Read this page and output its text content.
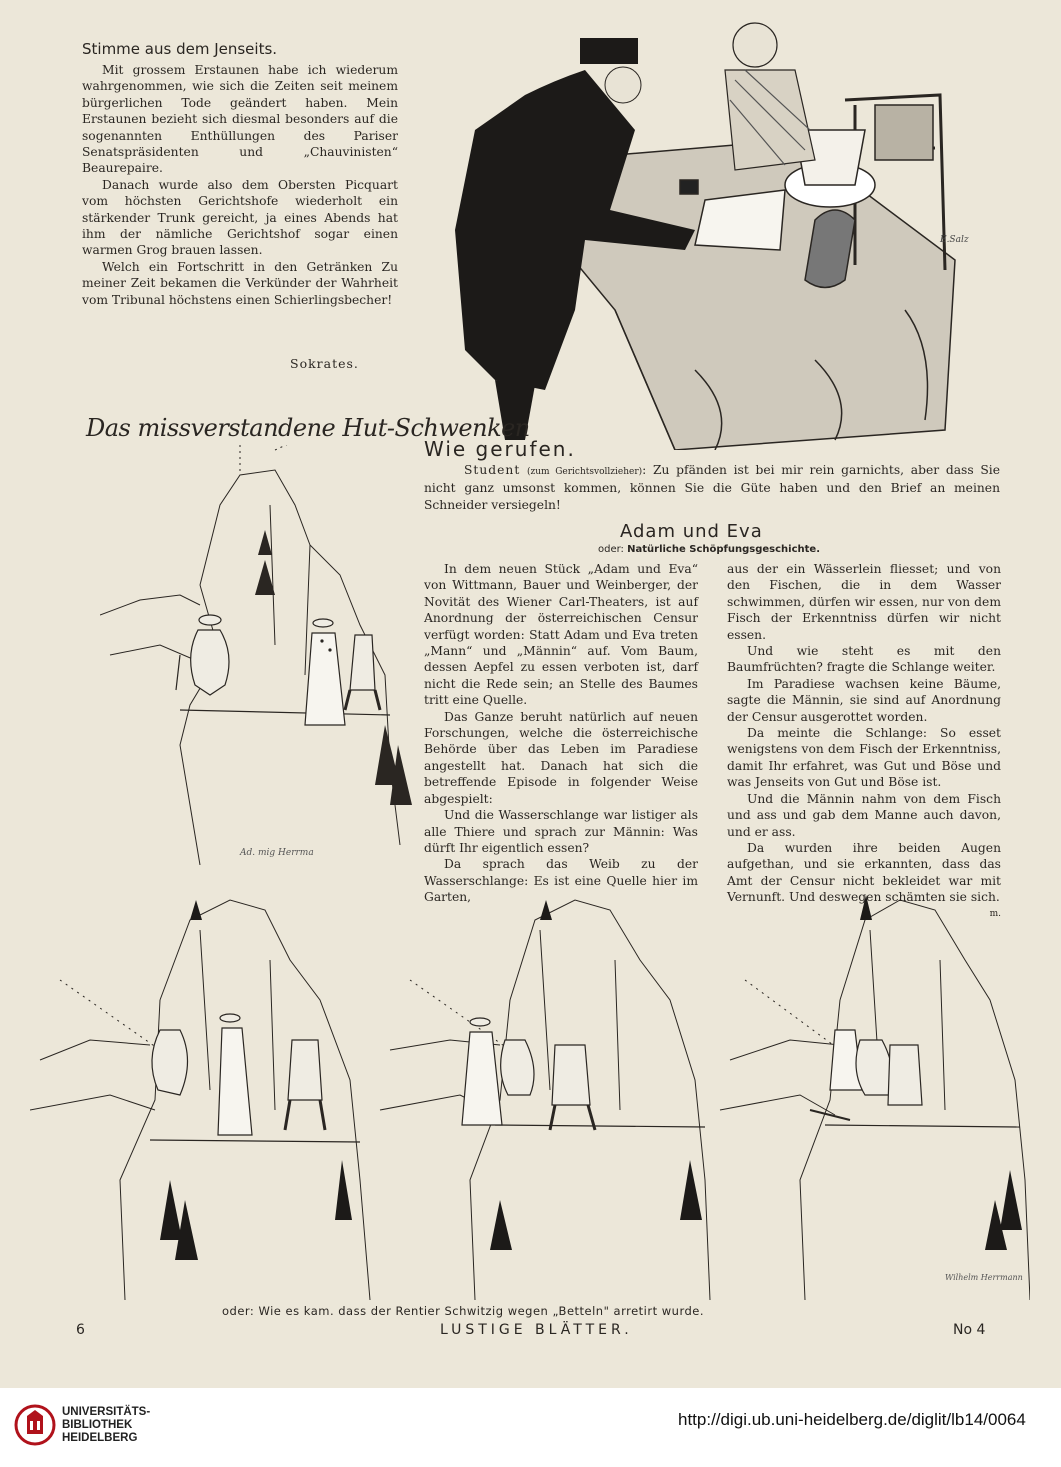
E.Salz
Ad. mig Herrma
Wilhelm Herrmann
Stimme aus dem Jenseits.

Mit grossem Erstaunen habe ich wiederum wahrgenommen, wie sich die Zeiten seit meinem bürgerlichen Tode geändert haben. Mein Erstaunen bezieht sich diesmal besonders auf die sogenannten Enthüllungen des Pariser Senatspräsidenten und „Chauvinisten“ Beaurepaire.

Danach wurde also dem Obersten Picquart vom höchsten Gerichtshofe wiederholt ein stärkender Trunk gereicht, ja eines Abends hat ihm der nämliche Gerichtshof sogar einen warmen Grog brauen lassen.

Welch ein Fortschritt in den Getränken Zu meiner Zeit bekamen die Verkünder der Wahrheit vom Tribunal höchstens einen Schierlingsbecher!

Sokrates.
Das missverstandene Hut-Schwenken
Wie gerufen.

Student (zum Gerichtsvollzieher): Zu pfänden ist bei mir rein garnichts, aber dass Sie nicht ganz umsonst kommen, können Sie die Güte haben und den Brief an meinen Schneider versiegeln!

Adam und Eva
oder: Natürliche Schöpfungsgeschichte.

In dem neuen Stück „Adam und Eva“ von Wittmann, Bauer und Weinberger, der Novität des Wiener Carl-Theaters, ist auf Anordnung der österreichischen Censur verfügt worden: Statt Adam und Eva treten „Mann“ und „Männin“ auf. Vom Baum, dessen Aepfel zu essen verboten ist, darf nicht die Rede sein; an Stelle des Baumes tritt eine Quelle.

Das Ganze beruht natürlich auf neuen Forschungen, welche die österreichische Behörde über das Leben im Paradiese angestellt hat. Danach hat sich die betreffende Episode in folgender Weise abgespielt:

Und die Wasserschlange war listiger als alle Thiere und sprach zur Männin: Was dürft Ihr eigentlich essen?

Da sprach das Weib zu der Wasserschlange: Es ist eine Quelle hier im Garten,

aus der ein Wässerlein fliesset; und von den Fischen, die in dem Wasser schwimmen, dürfen wir essen, nur von dem Fisch der Erkenntniss dürfen wir nicht essen.

Und wie steht es mit den Baumfrüchten? fragte die Schlange weiter.

Im Paradiese wachsen keine Bäume, sagte die Männin, sie sind auf Anordnung der Censur ausgerottet worden.

Da meinte die Schlange: So esset wenigstens von dem Fisch der Erkenntniss, damit Ihr erfahret, was Gut und Böse und was Jenseits von Gut und Böse ist.

Und die Männin nahm von dem Fisch und ass und gab dem Manne auch davon, und er ass.

Da wurden ihre beiden Augen aufgethan, und sie erkannten, dass das Amt der Censur nicht bekleidet war mit Vernunft. Und deswegen schämten sie sich.
m.

oder: Wie es kam. dass der Rentier Schwitzig wegen „Betteln" arretirt wurde.
6	LUSTIGE BLÄTTER.	No 4
UNIVERSITÄTS-
BIBLIOTHEK
HEIDELBERG
http://digi.ub.uni-heidelberg.de/diglit/lb14/0064
